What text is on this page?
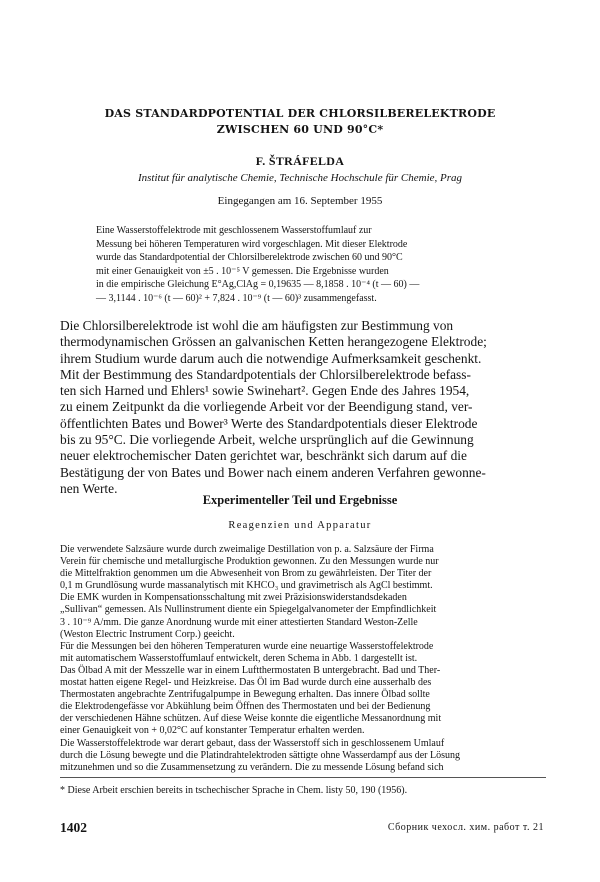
DAS STANDARDPOTENTIAL DER CHLORSILBERELEKTRODE
ZWISCHEN 60 UND 90°C*
F. ŠTRÁFELDA
Institut für analytische Chemie, Technische Hochschule für Chemie, Prag
Eingegangen am 16. September 1955
Eine Wasserstoffelektrode mit geschlossenem Wasserstoffumlauf zur
Messung bei höheren Temperaturen wird vorgeschlagen. Mit dieser Elektrode
wurde das Standardpotential der Chlorsilberelektrode zwischen 60 und 90°C
mit einer Genauigkeit von ±5 . 10⁻⁵ V gemessen. Die Ergebnisse wurden
in die empirische Gleichung E°Ag,ClAg = 0,19635 — 8,1858 . 10⁻⁴ (t — 60) —
— 3,1144 . 10⁻⁶ (t — 60)² + 7,824 . 10⁻⁹ (t — 60)³ zusammengefasst.
Die Chlorsilberelektrode ist wohl die am häufigsten zur Bestimmung von
thermodynamischen Grössen an galvanischen Ketten herangezogene Elektrode;
ihrem Studium wurde darum auch die notwendige Aufmerksamkeit geschenkt.
Mit der Bestimmung des Standardpotentials der Chlorsilberelektrode befass-
ten sich Harned und Ehlers¹ sowie Swinehart². Gegen Ende des Jahres 1954,
zu einem Zeitpunkt da die vorliegende Arbeit vor der Beendigung stand, ver-
öffentlichten Bates und Bower³ Werte des Standardpotentials dieser Elektrode
bis zu 95°C. Die vorliegende Arbeit, welche ursprünglich auf die Gewinnung
neuer elektrochemischer Daten gerichtet war, beschränkt sich darum auf die
Bestätigung der von Bates und Bower nach einem anderen Verfahren gewonne-
nen Werte.
Experimenteller Teil und Ergebnisse
Reagenzien und Apparatur
Die verwendete Salzsäure wurde durch zweimalige Destillation von p. a. Salzsäure der Firma
Verein für chemische und metallurgische Produktion gewonnen. Zu den Messungen wurde nur
die Mittelfraktion genommen um die Abwesenheit von Brom zu gewährleisten. Der Titer der
0,1 m Grundlösung wurde massanalytisch mit KHCO₃ und gravimetrisch als AgCl bestimmt.
Die EMK wurden in Kompensationsschaltung mit zwei Präzisionswiderstandsdekaden
„Sullivan“ gemessen. Als Nullinstrument diente ein Spiegelgalvanometer der Empfindlichkeit
3 . 10⁻⁹ A/mm. Die ganze Anordnung wurde mit einer attestierten Standard Weston-Zelle
(Weston Electric Instrument Corp.) geeicht.
Für die Messungen bei den höheren Temperaturen wurde eine neuartige Wasserstoffelektrode
mit automatischem Wasserstoffumlauf entwickelt, deren Schema in Abb. 1 dargestellt ist.
Das Ölbad A mit der Messzelle war in einem Luftthermostaten B untergebracht. Bad und Ther-
mostat hatten eigene Regel- und Heizkreise. Das Öl im Bad wurde durch eine ausserhalb des
Thermostaten angebrachte Zentrifugalpumpe in Bewegung erhalten. Das innere Ölbad sollte
die Elektrodengefässe vor Abkühlung beim Öffnen des Thermostaten und bei der Bedienung
der verschiedenen Hähne schützen. Auf diese Weise konnte die eigentliche Messanordnung mit
einer Genauigkeit von + 0,02°C auf konstanter Temperatur erhalten werden.
Die Wasserstoffelektrode war derart gebaut, dass der Wasserstoff sich in geschlossenem Umlauf
durch die Lösung bewegte und die Platindrahtelektroden sättigte ohne Wasserdampf aus der Lösung
mitzunehmen und so die Zusammensetzung zu verändern. Die zu messende Lösung befand sich
* Diese Arbeit erschien bereits in tschechischer Sprache in Chem. listy 50, 190 (1956).
1402	Сборник чехосл. хим. работ т. 21
